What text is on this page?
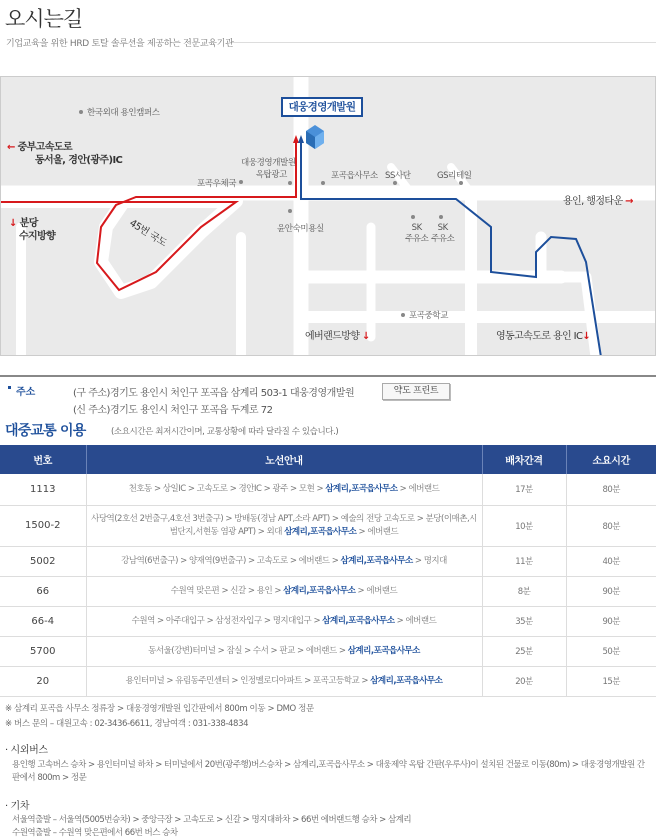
오시는길
기업교육을 위한 HRD 토탈 솔루션을 제공하는 전문교육기관
대웅경영개발원
한국외대 용인캠퍼스
← 중부고속도로
동서울, 경안(광주)IC
↓ 분당
수지방향	45번 국도
포곡우체국
대웅경영개발원
옥탑광고	포곡읍사무소 SS사단	GS리테일
용인, 행정타운 →
윤안숙미용실	SK
주유소
SK
주유소
포곡중학교
에버랜드방향 ↓	영동고속도로 용인 IC↓
주소	(구 주소)경기도 용인시 처인구 포곡읍 삼계리 503-1 대웅경영개발원
(신 주소)경기도 용인시 처인구 포곡읍 두계로 72
약도 프린트
대중교통 이용	(소요시간은 최저시간이며, 교통상황에 따라 달라질 수 있습니다.)
번호	노선안내	배차간격	소요시간
1113	천호동 > 상일IC > 고속도로 > 경안IC > 광주 > 모현 > 삼계리,포곡읍사무소 > 에버랜드	17분	80분
1500-2	사당역(2호선 2번출구,4호선 3번출구) > 방배동(경남 APT,소라 APT) > 예술의 전당 고속도로 > 분당(이매촌,시범단지,서현동 염광 APT) > 외대 삼계리,포곡읍사무소 > 에버랜드	10분	80분
5002	강남역(6번출구) > 양재역(9번출구) > 고속도로 > 에버랜드 > 삼계리,포곡읍사무소 > 명지대	11분	40분
66	수원역 맞은편 > 신갈 > 용인 > 삼계리,포곡읍사무소 > 에버랜드	8분	90분
66-4	수원역 > 아주대입구 > 삼성전자입구 > 명지대입구 > 삼계리,포곡읍사무소 > 에버랜드	35분	90분
5700	동서울(강변)터미널 > 잠실 > 수서 > 판교 > 에버랜드 > 삼계리,포곡읍사무소	25분	50분
20	용인터미널 > 유림동주민센터 > 인정멜로디아파트 > 포곡고등학교 > 삼계리,포곡읍사무소	20분	15분
※ 삼계리 포곡읍 사무소 정류장 > 대웅경영개발원 입간판에서 800m 이동 > DMO 정문
※ 버스 문의 – 대원고속 : 02-3436-6611, 경남여객 : 031-338-4834
· 시외버스
용인행 고속버스 승차 > 용인터미널 하차 > 터미널에서 20번(광주행)버스승차 > 삼계리,포곡읍사무소 > 대웅제약 옥탑 간판(우루사)이 설치된 건물로 이동(80m) > 대웅경영개발원 간판에서 800m > 정문
· 기차
서울역출발 – 서울역(5005번승차) > 중앙극장 > 고속도로 > 신갈 > 명지대하차 > 66번 에버랜드행 승차 > 삼계리
수원역출발 – 수원역 맞은편에서 66번 버스 승차
